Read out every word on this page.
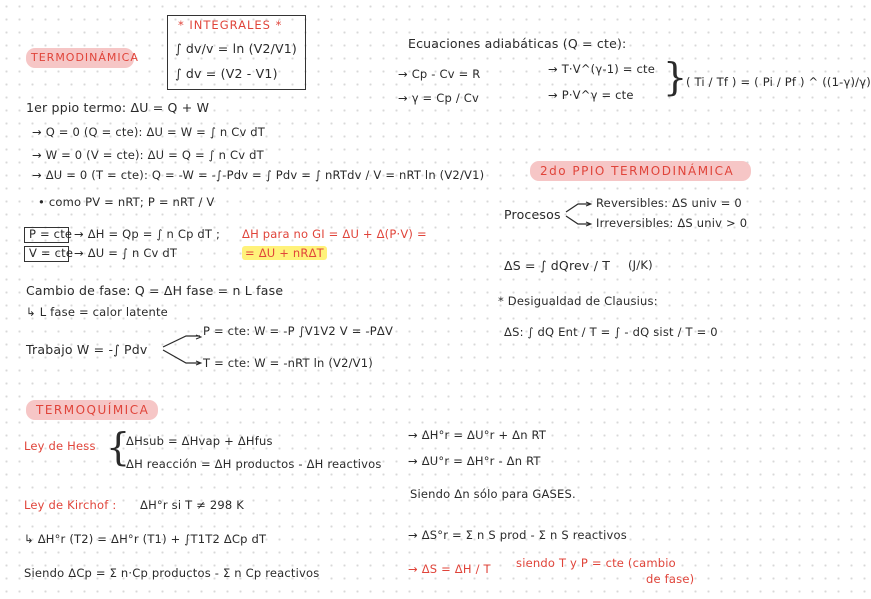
* INTEGRALES *
∫ dv/v = ln (V2/V1)
∫ dv = (V2 - V1)
TERMODINÁMICA
1er ppio termo: ΔU = Q + W
→ Q = 0 (Q = cte): ΔU = W = ∫ n Cv dT
→ W = 0 (V = cte): ΔU = Q = ∫ n Cv dT
→ ΔU = 0 (T = cte): Q = -W = -∫-Pdv = ∫ Pdv = ∫ nRTdv / V = nRT ln (V2/V1)
• como PV = nRT; P = nRT / V
P = cte → ΔH = Qp = ∫ n Cp dT ; ΔH para no GI = ΔU + Δ(P·V) =
= ΔU + nRΔT
V = cte → ΔU = ∫ n Cv dT
Cambio de fase: Q = ΔH fase = n L fase
↳ L fase = calor latente
Trabajo W = -∫ Pdv
P = cte: W = -P ∫V1V2 V = -PΔV
T = cte: W = -nRT ln (V2/V1)
Ecuaciones adiabáticas (Q = cte):
→ Cp - Cv = R
→ γ = Cp / Cv
→ T·V^(γ-1) = cte
→ P·V^γ = cte }
( Ti / Tf ) = ( Pi / Pf ) ^ ((1-γ)/γ)
2do PPIO TERMODINÁMICA
Procesos
Reversibles: ΔS univ = 0
Irreversibles: ΔS univ > 0
ΔS = ∫ dQrev / T (J/K)
* Desigualdad de Clausius:
ΔS: ∫ dQ Ent / T = ∫ - dQ sist / T = 0
TERMOQUÍMICA
Ley de Hess {
ΔHsub = ΔHvap + ΔHfus
ΔH reacción = ΔH productos - ΔH reactivos
Ley de Kirchof : ΔH°r si T ≠ 298 K
↳ ΔH°r (T2) = ΔH°r (T1) + ∫T1T2 ΔCp dT
Siendo ΔCp = Σ n·Cp productos - Σ n Cp reactivos
→ ΔH°r = ΔU°r + Δn RT
→ ΔU°r = ΔH°r - Δn RT
Siendo Δn sólo para GASES.
→ ΔS°r = Σ n S prod - Σ n S reactivos
→ ΔS = ΔH / T siendo T y P = cte (cambio
de fase)
